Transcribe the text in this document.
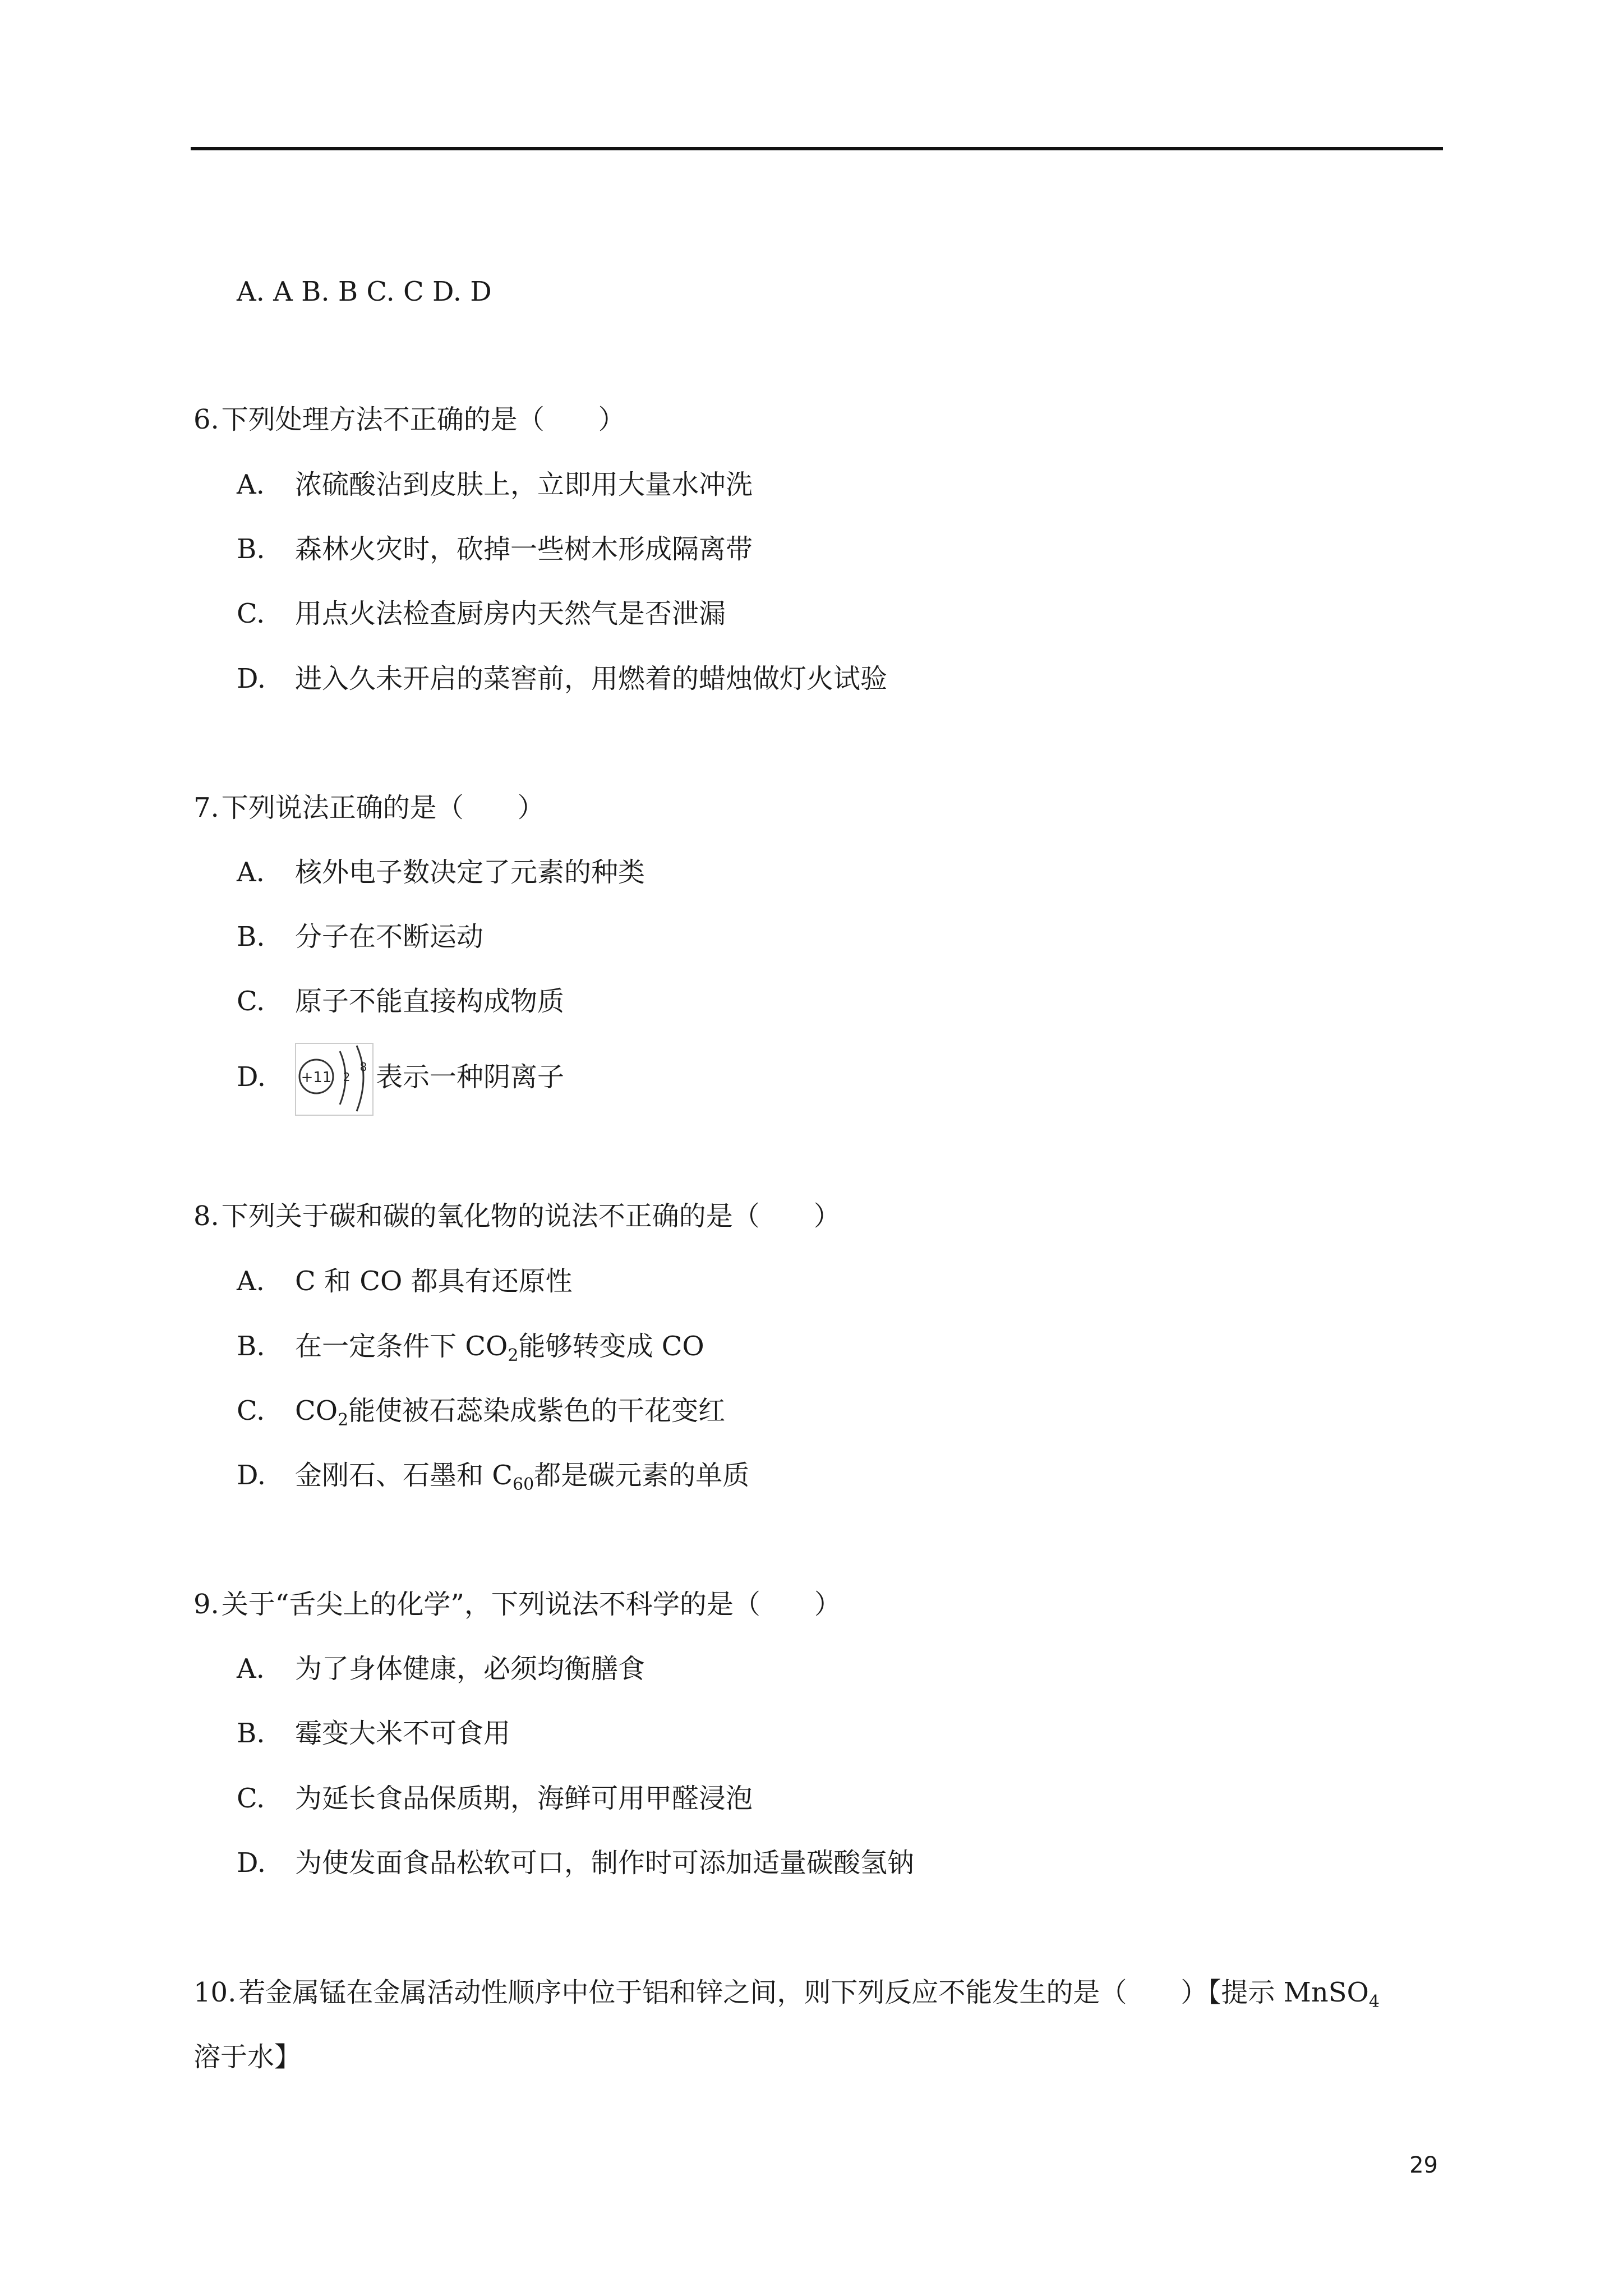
A. A B. B C. C D. D
6.下列处理方法不正确的是（　　）
A. 浓硫酸沾到皮肤上，立即用大量水冲洗
B. 森林火灾时，砍掉一些树木形成隔离带
C. 用点火法检查厨房内天然气是否泄漏
D. 进入久未开启的菜窖前，用燃着的蜡烛做灯火试验
7.下列说法正确的是（　　）
A. 核外电子数决定了元素的种类
B. 分子在不断运动
C. 原子不能直接构成物质
D. +11 2
8 表示一种阴离子
8.下列关于碳和碳的氧化物的说法不正确的是（　　）
A. C 和 CO 都具有还原性
B. 在一定条件下 $CO_2$能够转变成 CO
C. $CO_2$能使被石蕊染成紫色的干花变红
D. 金刚石、石墨和 $C_{60}$都是碳元素的单质
9.关于“舌尖上的化学”，下列说法不科学的是（　　）
A. 为了身体健康，必须均衡膳食
B. 霉变大米不可食用
C. 为延长食品保质期，海鲜可用甲醛浸泡
D. 为使发面食品松软可口，制作时可添加适量碳酸氢钠
10.若金属锰在金属活动性顺序中位于铝和锌之间，则下列反应不能发生的是（　　）【提示 MnSO$_4$
溶于水】
29
